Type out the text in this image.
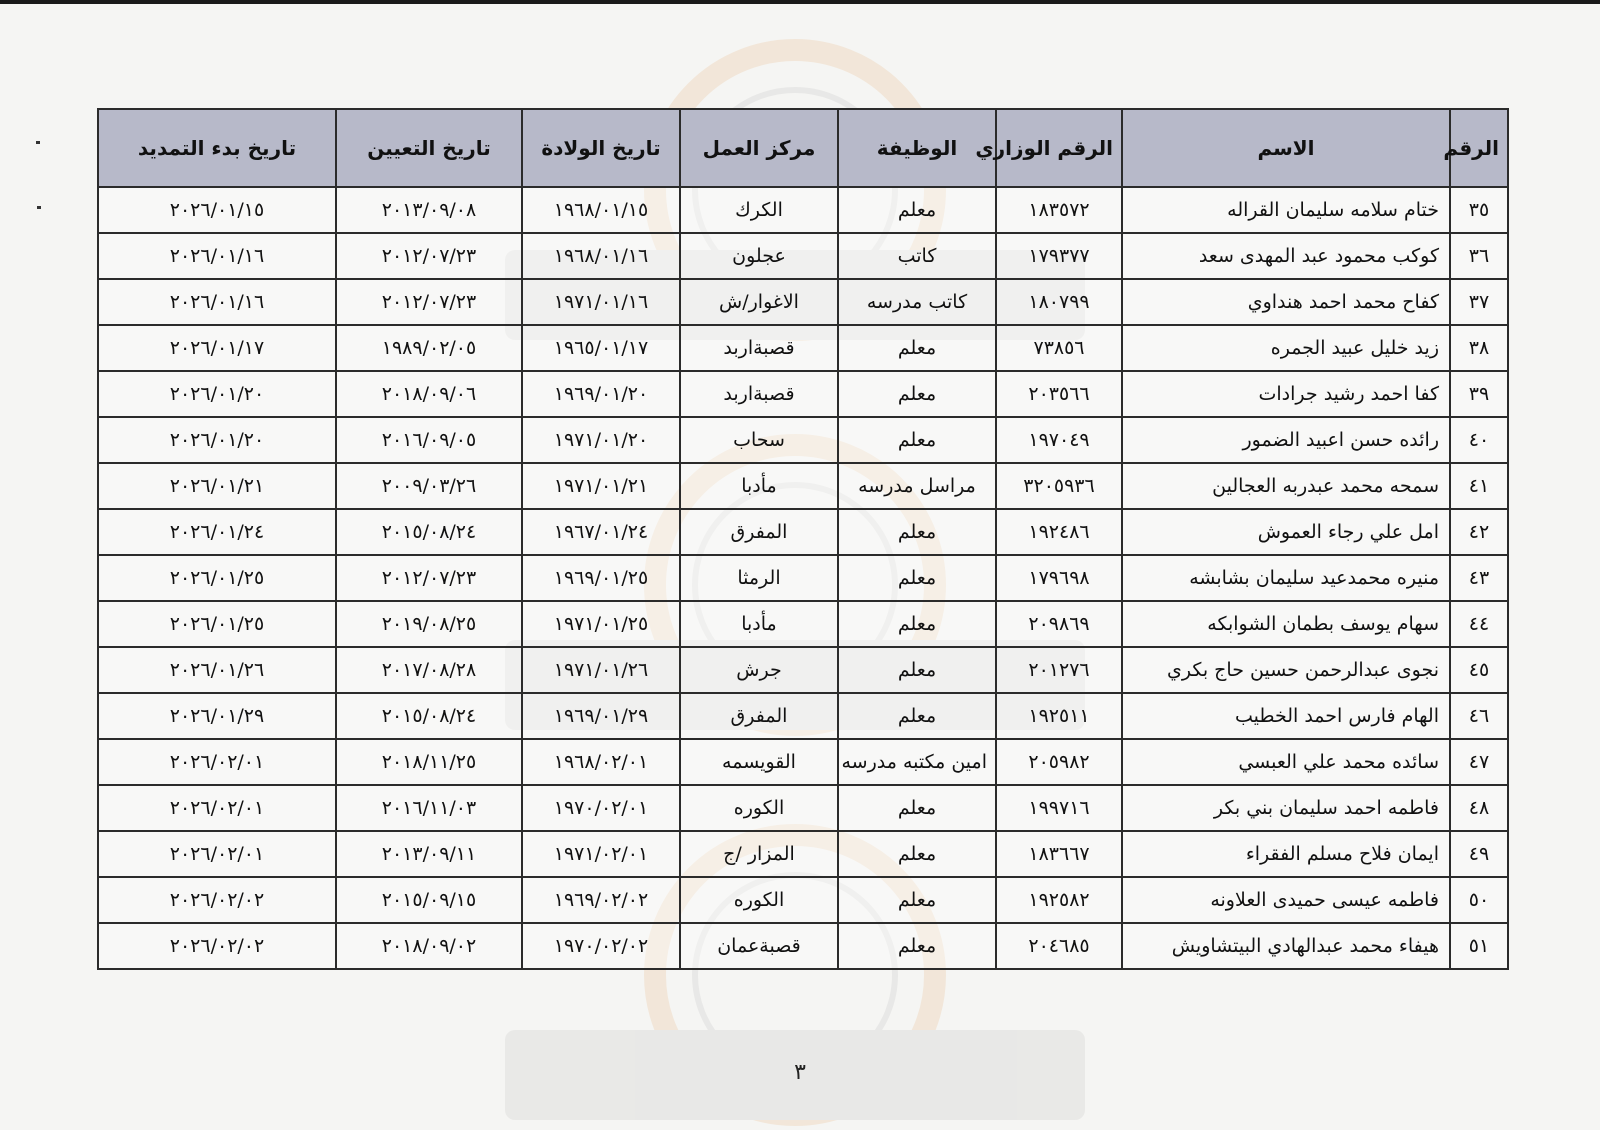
الرقم	الاسم	الرقم الوزاري	الوظيفة	مركز العمل	تاريخ الولادة	تاريخ التعيين	تاريخ بدء التمديد
٣٥	ختام سلامه سليمان القراله	١٨٣٥٧٢	معلم	الكرك	١٩٦٨/٠١/١٥	٢٠١٣/٠٩/٠٨	٢٠٢٦/٠١/١٥
٣٦	كوكب محمود عبد المهدى سعد	١٧٩٣٧٧	كاتب	عجلون	١٩٦٨/٠١/١٦	٢٠١٢/٠٧/٢٣	٢٠٢٦/٠١/١٦
٣٧	كفاح محمد احمد هنداوي	١٨٠٧٩٩	كاتب مدرسه	الاغوار/ش	١٩٧١/٠١/١٦	٢٠١٢/٠٧/٢٣	٢٠٢٦/٠١/١٦
٣٨	زيد خليل عبيد الجمره	٧٣٨٥٦	معلم	قصبةاربد	١٩٦٥/٠١/١٧	١٩٨٩/٠٢/٠٥	٢٠٢٦/٠١/١٧
٣٩	كفا احمد رشيد جرادات	٢٠٣٥٦٦	معلم	قصبةاربد	١٩٦٩/٠١/٢٠	٢٠١٨/٠٩/٠٦	٢٠٢٦/٠١/٢٠
٤٠	رائده حسن اعبيد الضمور	١٩٧٠٤٩	معلم	سحاب	١٩٧١/٠١/٢٠	٢٠١٦/٠٩/٠٥	٢٠٢٦/٠١/٢٠
٤١	سمحه محمد عبدربه العجالين	٣٢٠٥٩٣٦	مراسل مدرسه	مأدبا	١٩٧١/٠١/٢١	٢٠٠٩/٠٣/٢٦	٢٠٢٦/٠١/٢١
٤٢	امل علي رجاء العموش	١٩٢٤٨٦	معلم	المفرق	١٩٦٧/٠١/٢٤	٢٠١٥/٠٨/٢٤	٢٠٢٦/٠١/٢٤
٤٣	منيره محمدعيد سليمان بشابشه	١٧٩٦٩٨	معلم	الرمثا	١٩٦٩/٠١/٢٥	٢٠١٢/٠٧/٢٣	٢٠٢٦/٠١/٢٥
٤٤	سهام يوسف بطمان الشوابكه	٢٠٩٨٦٩	معلم	مأدبا	١٩٧١/٠١/٢٥	٢٠١٩/٠٨/٢٥	٢٠٢٦/٠١/٢٥
٤٥	نجوى عبدالرحمن حسين حاج بكري	٢٠١٢٧٦	معلم	جرش	١٩٧١/٠١/٢٦	٢٠١٧/٠٨/٢٨	٢٠٢٦/٠١/٢٦
٤٦	الهام فارس احمد الخطيب	١٩٢٥١١	معلم	المفرق	١٩٦٩/٠١/٢٩	٢٠١٥/٠٨/٢٤	٢٠٢٦/٠١/٢٩
٤٧	سائده محمد علي العبسي	٢٠٥٩٨٢	امين مكتبه مدرسه	القويسمه	١٩٦٨/٠٢/٠١	٢٠١٨/١١/٢٥	٢٠٢٦/٠٢/٠١
٤٨	فاطمه احمد سليمان بني بكر	١٩٩٧١٦	معلم	الكوره	١٩٧٠/٠٢/٠١	٢٠١٦/١١/٠٣	٢٠٢٦/٠٢/٠١
٤٩	ايمان فلاح مسلم الفقراء	١٨٣٦٦٧	معلم	المزار /ج	١٩٧١/٠٢/٠١	٢٠١٣/٠٩/١١	٢٠٢٦/٠٢/٠١
٥٠	فاطمه عيسى حميدى العلاونه	١٩٢٥٨٢	معلم	الكوره	١٩٦٩/٠٢/٠٢	٢٠١٥/٠٩/١٥	٢٠٢٦/٠٢/٠٢
٥١	هيفاء محمد عبدالهادي البيتشاويش	٢٠٤٦٨٥	معلم	قصبةعمان	١٩٧٠/٠٢/٠٢	٢٠١٨/٠٩/٠٢	٢٠٢٦/٠٢/٠٢
٣
